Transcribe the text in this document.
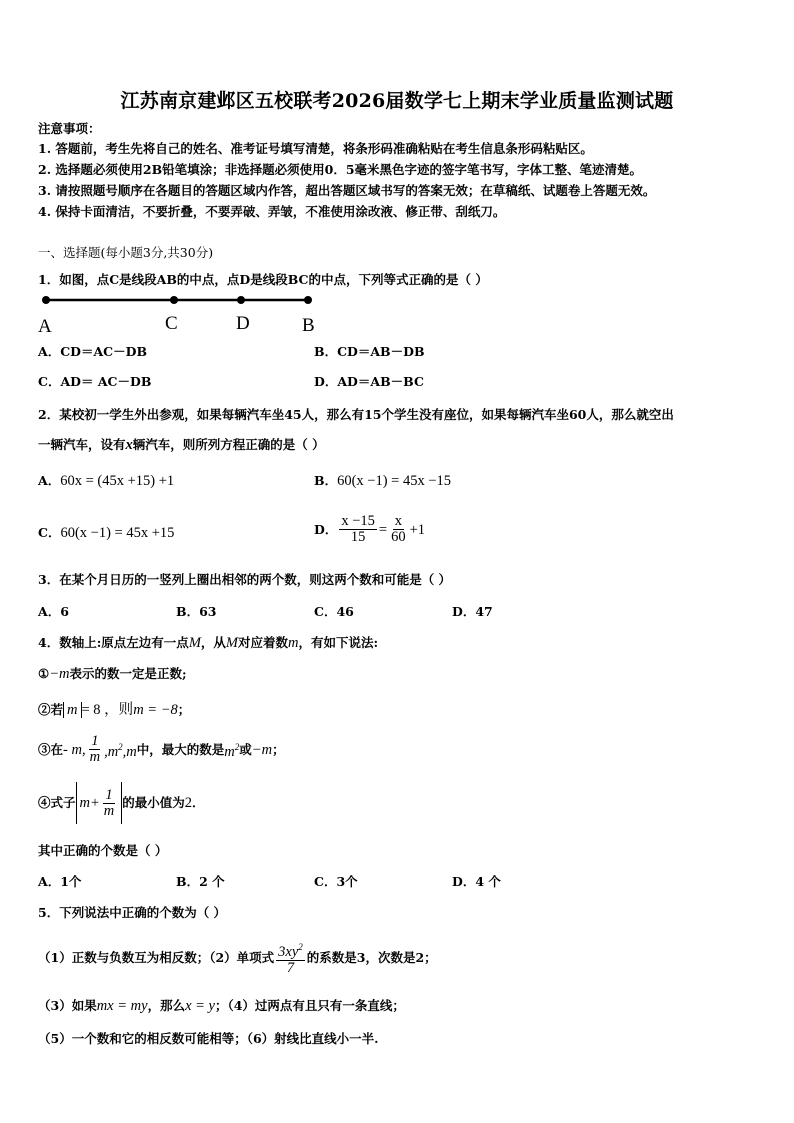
江苏南京建邺区五校联考2026届数学七上期末学业质量监测试题
注意事项：
1. 答题前，考生先将自己的姓名、准考证号填写清楚，将条形码准确粘贴在考生信息条形码粘贴区。
2. 选择题必须使用2B铅笔填涂；非选择题必须使用0．5毫米黑色字迹的签字笔书写，字体工整、笔迹清楚。
3. 请按照题号顺序在各题目的答题区域内作答，超出答题区域书写的答案无效；在草稿纸、试题卷上答题无效。
4. 保持卡面清洁，不要折叠，不要弄破、弄皱，不准使用涂改液、修正带、刮纸刀。
一、选择题(每小题3分,共30分)
1．如图，点C是线段AB的中点，点D是线段BC的中点，下列等式正确的是（ ）
A	C	D	B
A．CD＝AC－DB	B．CD＝AB－DB
C．AD＝ AC－DB	D．AD＝AB－BC
2．某校初一学生外出参观，如果每辆汽车坐45人，那么有15个学生没有座位，如果每辆汽车坐60人，那么就空出
一辆汽车，设有x辆汽车，则所列方程正确的是（ ）
A．60x = (45x +15) +1	B．60(x −1) = 45x −15
C．60(x −1) = 45x +15	D． $\frac{x -15}{15} = \frac{x}{60} +1$
3．在某个月日历的一竖列上圈出相邻的两个数，则这两个数和可能是（ ）
A．6	B．63	C．46	D．47
4．数轴上:原点左边有一点M，从M对应着数m，有如下说法:
①−m表示的数一定是正数;
②若 m = 8 ，则 m = −8 ；
③在 - m, $\frac{1}{m} ,m^2,m$ 中，最大的数是 $m^2$ 或 −m ；
④式子 $m+ \frac{1}{m}$ 的最小值为 2 ．
其中正确的个数是（ ）
A．1个	B．2 个	C．3个	D．4 个
5．下列说法中正确的个数为（ ）
（1）正数与负数互为相反数；（2）单项式 $\frac{3xy^2}{7}$ 的系数是3，次数是2；
（3）如果mx = my，那么x = y；（4）过两点有且只有一条直线；
（5）一个数和它的相反数可能相等；（6）射线比直线小一半.
